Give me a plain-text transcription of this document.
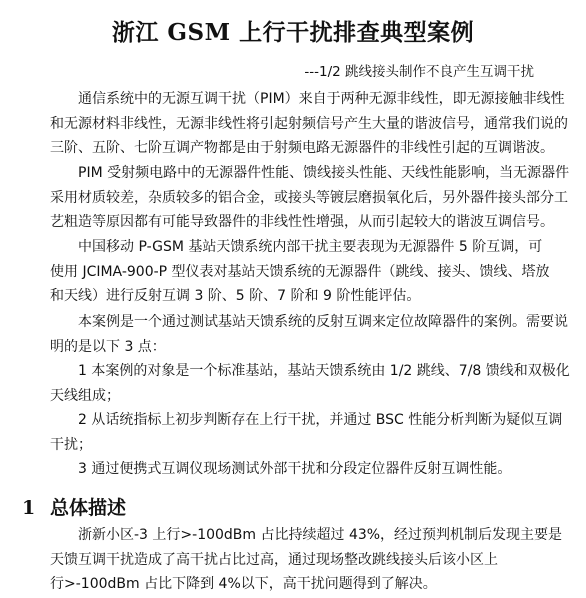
浙江 GSM 上行干扰排查典型案例
---1/2 跳线接头制作不良产生互调干扰
　　通信系统中的无源互调干扰（PIM）来自于两种无源非线性，即无源接触非线性
和无源材料非线性，无源非线性将引起射频信号产生大量的谐波信号，通常我们说的
三阶、五阶、七阶互调产物都是由于射频电路无源器件的非线性引起的互调谐波。
　　PIM 受射频电路中的无源器件性能、馈线接头性能、天线性能影响，当无源器件
采用材质较差，杂质较多的铝合金，或接头等镀层磨损氧化后，另外器件接头部分工
艺粗造等原因都有可能导致器件的非线性性增强，从而引起较大的谐波互调信号。
　　中国移动 P-GSM 基站天馈系统内部干扰主要表现为无源器件 5 阶互调，可
使用 JCIMA-900-P 型仪表对基站天馈系统的无源器件（跳线、接头、馈线、塔放
和天线）进行反射互调 3 阶、5 阶、7 阶和 9 阶性能评估。
　　本案例是一个通过测试基站天馈系统的反射互调来定位故障器件的案例。需要说
明的是以下 3 点：
　　1 本案例的对象是一个标准基站，基站天馈系统由 1/2 跳线、7/8 馈线和双极化
天线组成；
　　2 从话统指标上初步判断存在上行干扰，并通过 BSC 性能分析判断为疑似互调
干扰；
　　3 通过便携式互调仪现场测试外部干扰和分段定位器件反射互调性能。
1 总体描述
　　浙新小区-3 上行>-100dBm 占比持续超过 43%，经过预判机制后发现主要是
天馈互调干扰造成了高干扰占比过高，通过现场整改跳线接头后该小区上
行>-100dBm 占比下降到 4%以下，高干扰问题得到了解决。
